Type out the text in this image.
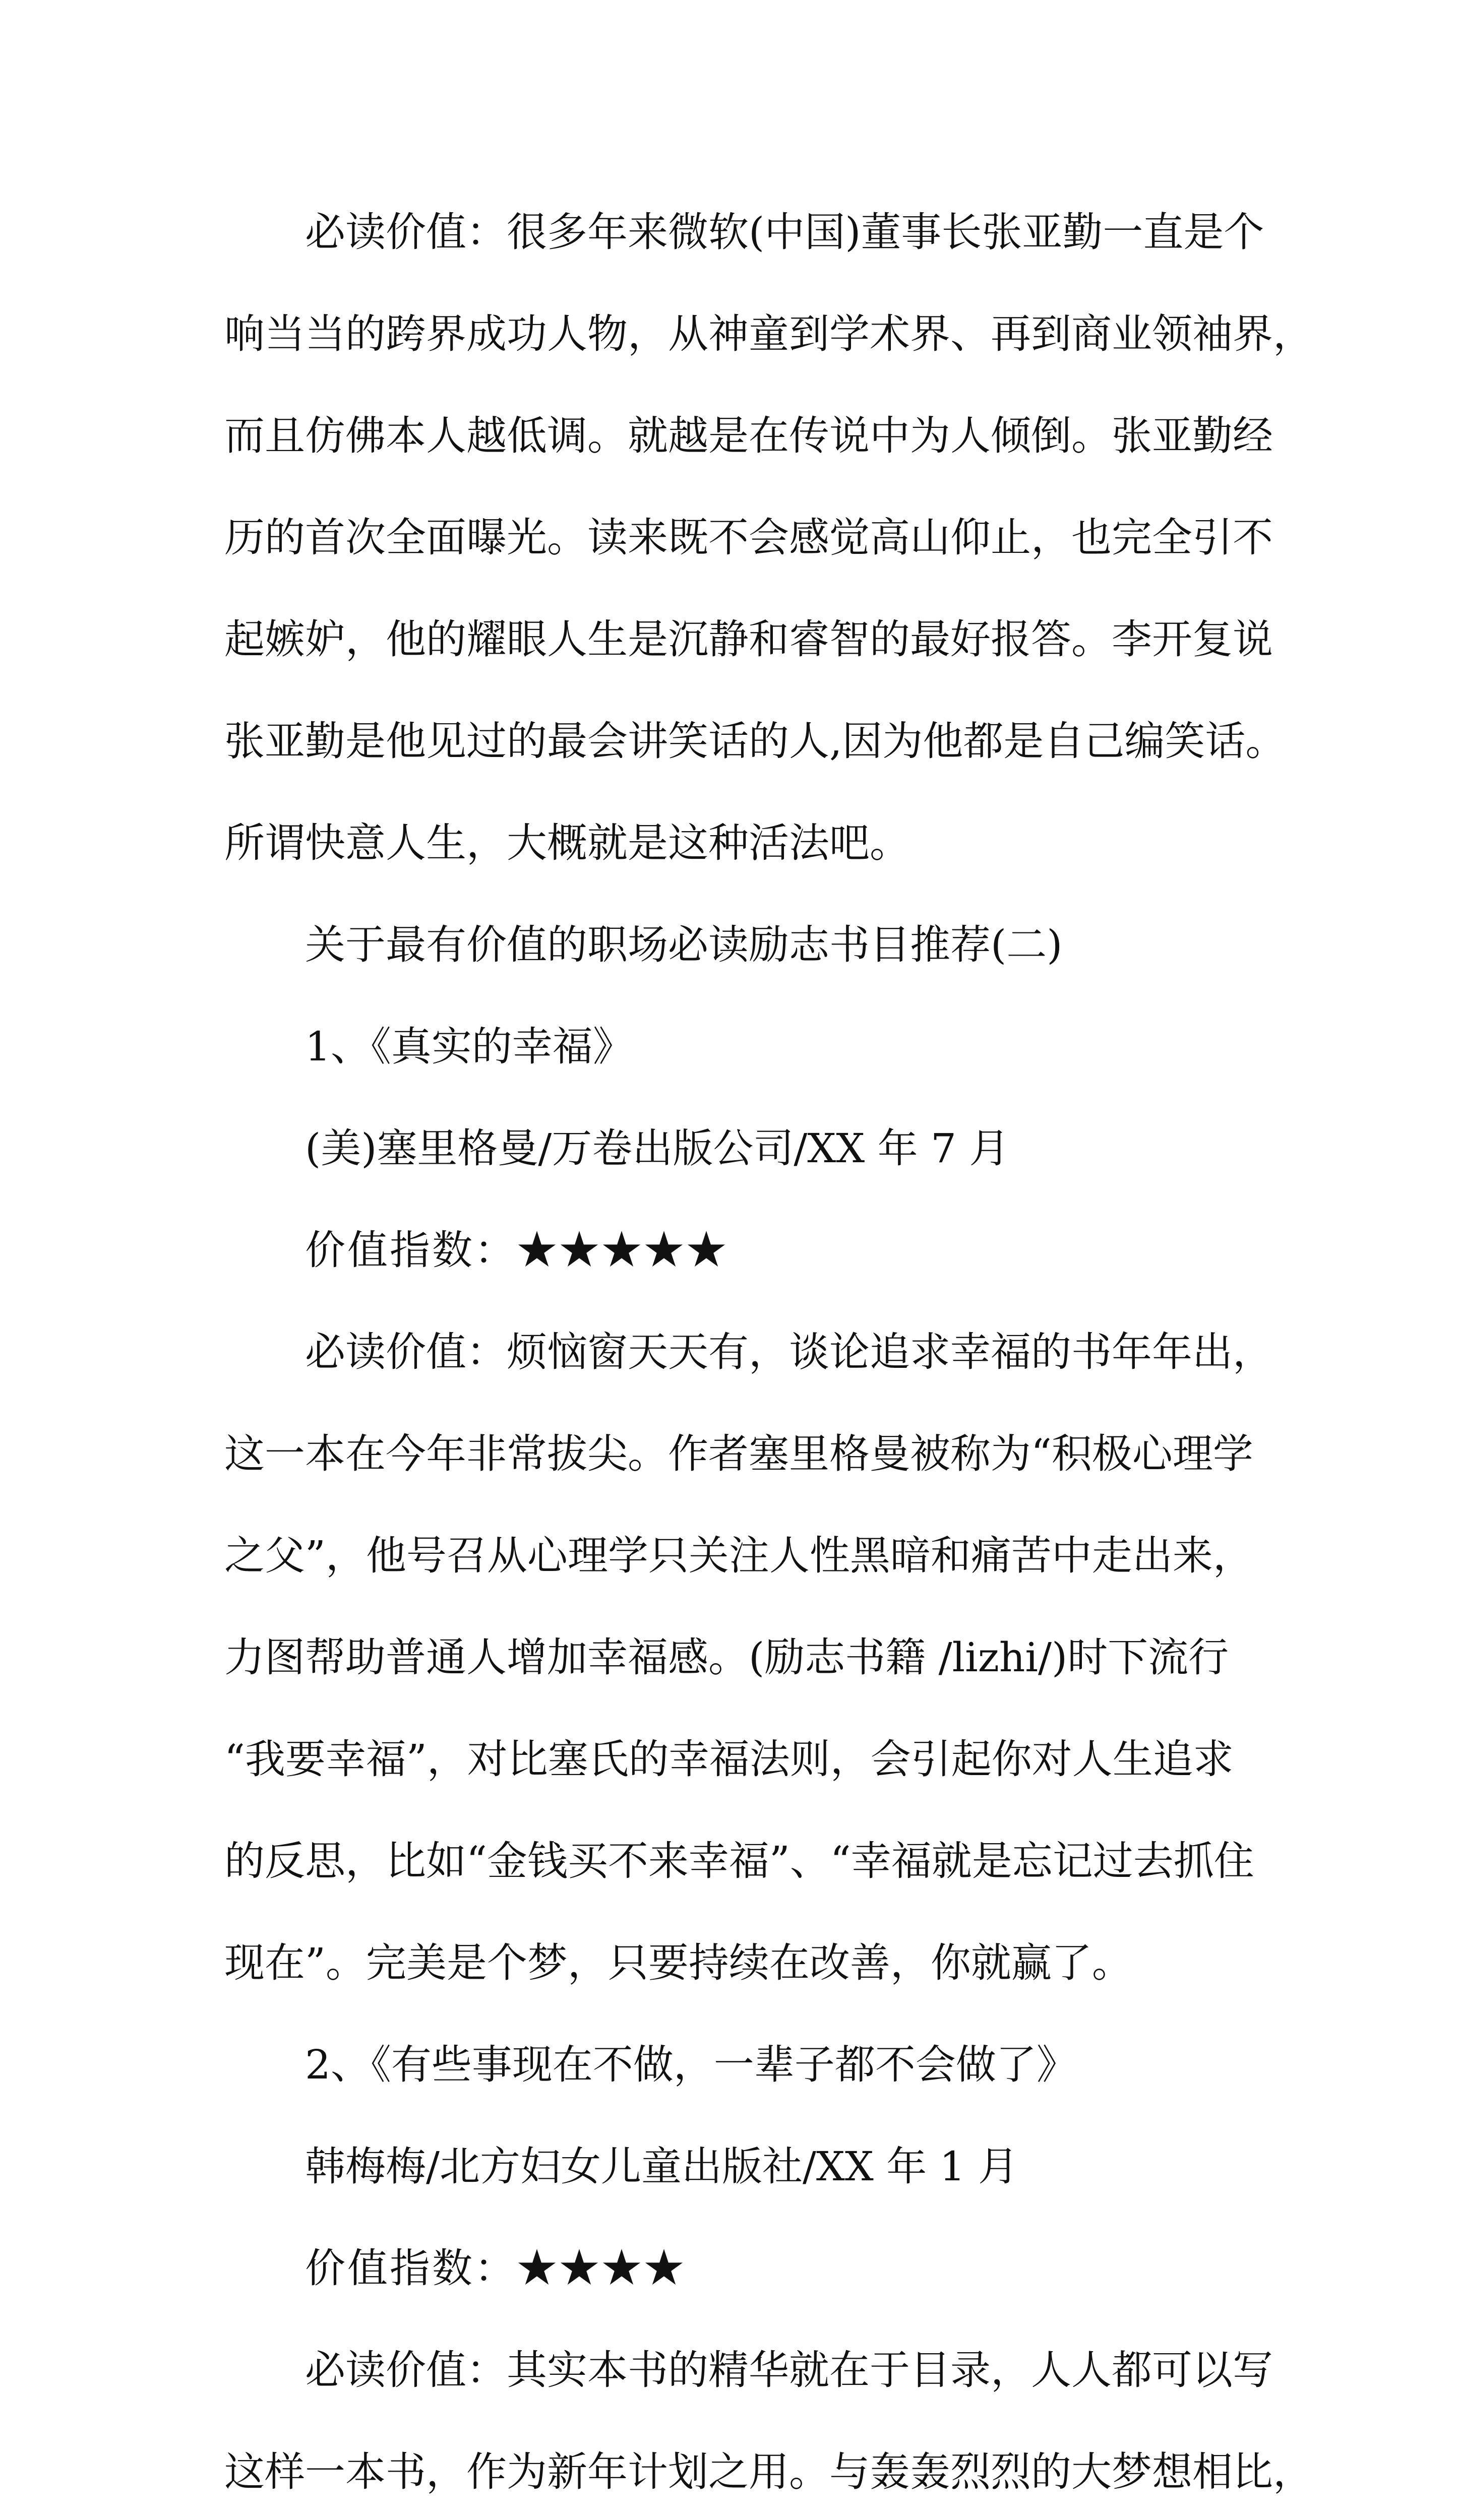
必读价值：很多年来微软(中国)董事长张亚勤一直是个
响当当的跨界成功人物，从神童到学术界、再到商业领袖界，
而且仿佛本人越低调。就越是在传说中为人倾倒。张亚勤经
历的首次全面曝光。读来既不会感觉高山仰止，也完全引不
起嫉妒，他的耀眼人生是沉静和睿智的最好报答。李开复说
张亚勤是他见过的最会讲笑话的人,因为他都是自己编笑话。
所谓快意人生，大概就是这种活法吧。
关于最有价值的职场必读励志书目推荐(二)
1、《真实的幸福》
(美)塞里格曼/万卷出版公司/XX 年 7 月
价值指数：★★★★★
必读价值：烦恼窗天天有，谈论追求幸福的书年年出，
这一本在今年非常拔尖。作者塞里格曼被称为“积极心理学
之父”，他号召从心理学只关注人性黑暗和痛苦中走出来，
力图帮助普通人增加幸福感。(励志书籍 /lizhi/)时下流行
“我要幸福”，对比塞氏的幸福法则，会引起你对人生追求
的反思，比如“金钱买不来幸福”、“幸福就是忘记过去抓住
现在”。完美是个梦，只要持续在改善，你就赢了。
2、《有些事现在不做，一辈子都不会做了》
韩梅梅/北方妇女儿童出版社/XX 年 1 月
价值指数：★★★★
必读价值：其实本书的精华就在于目录，人人都可以写
这样一本书，作为新年计划之用。与轰轰烈烈的大梦想相比，
